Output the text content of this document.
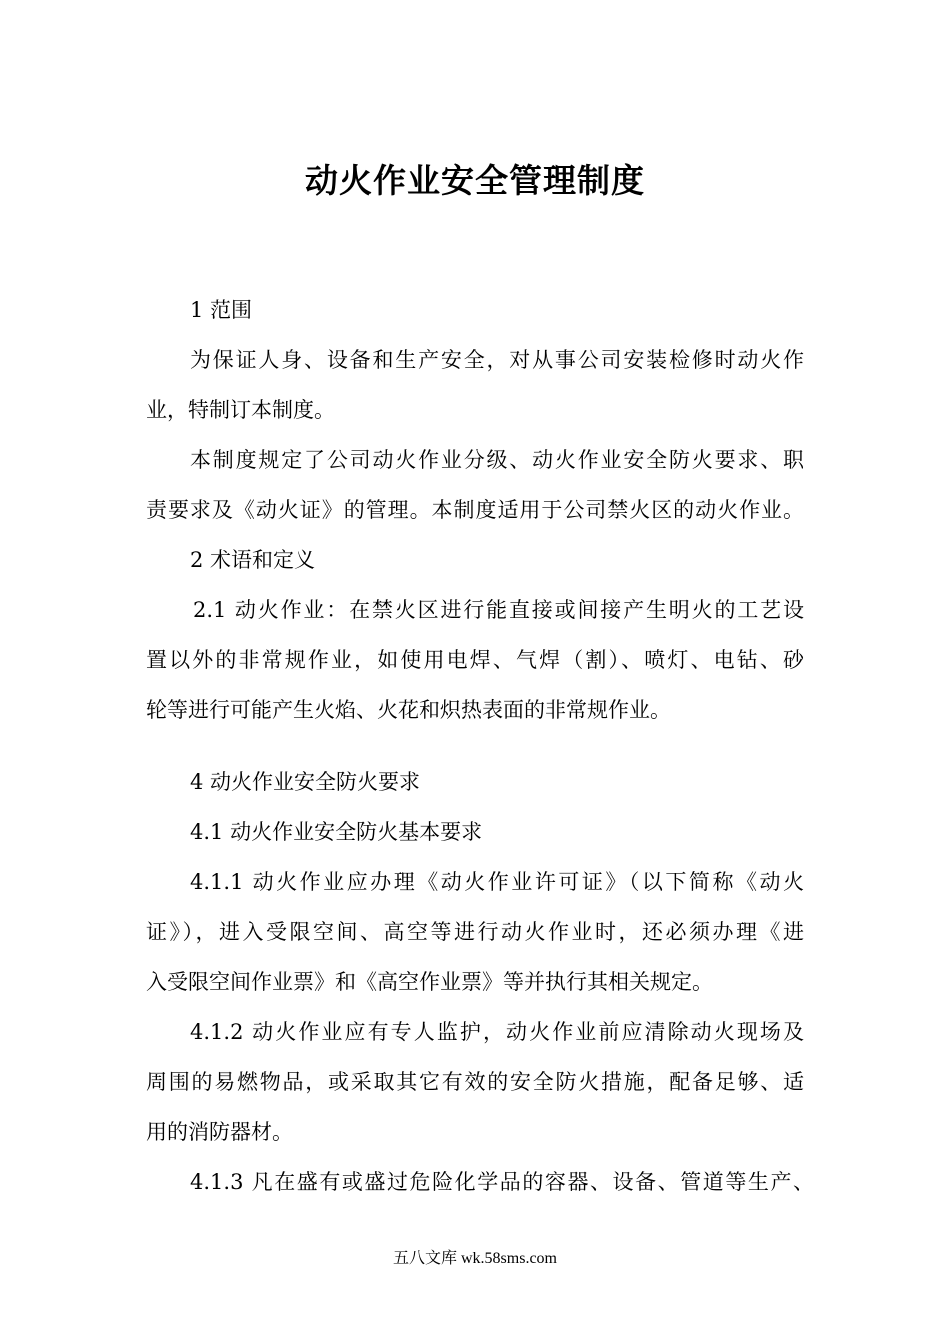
动火作业安全管理制度
1 范围
为保证人身、设备和生产安全，对从事公司安装检修时动火作
业，特制订本制度。
本制度规定了公司动火作业分级、动火作业安全防火要求、职
责要求及《动火证》的管理。本制度适用于公司禁火区的动火作业。
2 术语和定义
2.1 动火作业：在禁火区进行能直接或间接产生明火的工艺设
置以外的非常规作业，如使用电焊、气焊（割）、喷灯、电钻、砂
轮等进行可能产生火焰、火花和炽热表面的非常规作业。
4 动火作业安全防火要求
4.1 动火作业安全防火基本要求
4.1.1 动火作业应办理《动火作业许可证》（以下简称《动火
证》），进入受限空间、高空等进行动火作业时，还必须办理《进
入受限空间作业票》和《高空作业票》等并执行其相关规定。
4.1.2 动火作业应有专人监护，动火作业前应清除动火现场及
周围的易燃物品，或采取其它有效的安全防火措施，配备足够、适
用的消防器材。
4.1.3 凡在盛有或盛过危险化学品的容器、设备、管道等生产、
五八文库 wk.58sms.com
